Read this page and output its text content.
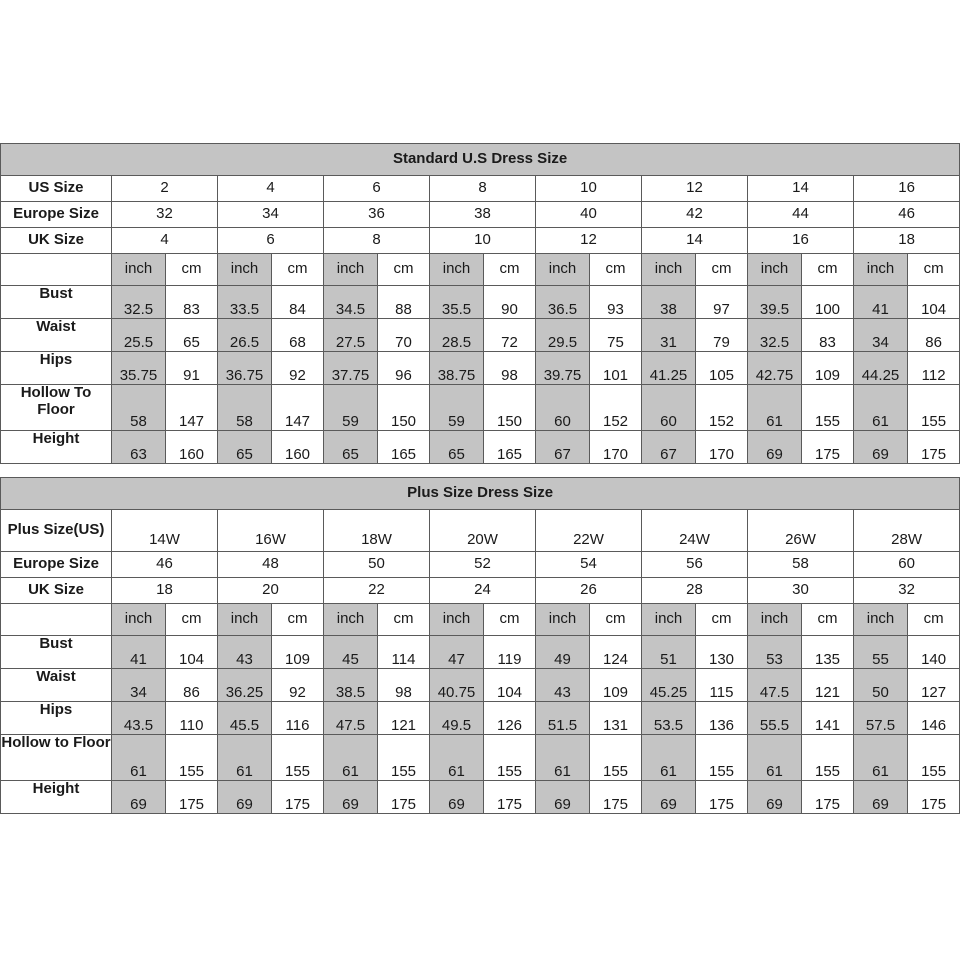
Standard U.S Dress Size																
US Size	2		4		6		8		10		12		14		16	
Europe Size	32		34		36		38		40		42		44		46	
UK Size	4		6		8		10		12		14		16		18	
	inch	cm	inch	cm	inch	cm	inch	cm	inch	cm	inch	cm	inch	cm	inch	cm
Bust	32.5	83	33.5	84	34.5	88	35.5	90	36.5	93	38	97	39.5	100	41	104
Waist	25.5	65	26.5	68	27.5	70	28.5	72	29.5	75	31	79	32.5	83	34	86
Hips	35.75	91	36.75	92	37.75	96	38.75	98	39.75	101	41.25	105	42.75	109	44.25	112
Hollow To Floor	58	147	58	147	59	150	59	150	60	152	60	152	61	155	61	155
Height	63	160	65	160	65	165	65	165	67	170	67	170	69	175	69	175

Plus Size Dress Size																
Plus Size(US)	14W		16W		18W		20W		22W		24W		26W		28W	
Europe Size	46		48		50		52		54		56		58		60	
UK Size	18		20		22		24		26		28		30		32	
	inch	cm	inch	cm	inch	cm	inch	cm	inch	cm	inch	cm	inch	cm	inch	cm
Bust	41	104	43	109	45	114	47	119	49	124	51	130	53	135	55	140
Waist	34	86	36.25	92	38.5	98	40.75	104	43	109	45.25	115	47.5	121	50	127
Hips	43.5	110	45.5	116	47.5	121	49.5	126	51.5	131	53.5	136	55.5	141	57.5	146
Hollow to Floor	61	155	61	155	61	155	61	155	61	155	61	155	61	155	61	155
Height	69	175	69	175	69	175	69	175	69	175	69	175	69	175	69	175
